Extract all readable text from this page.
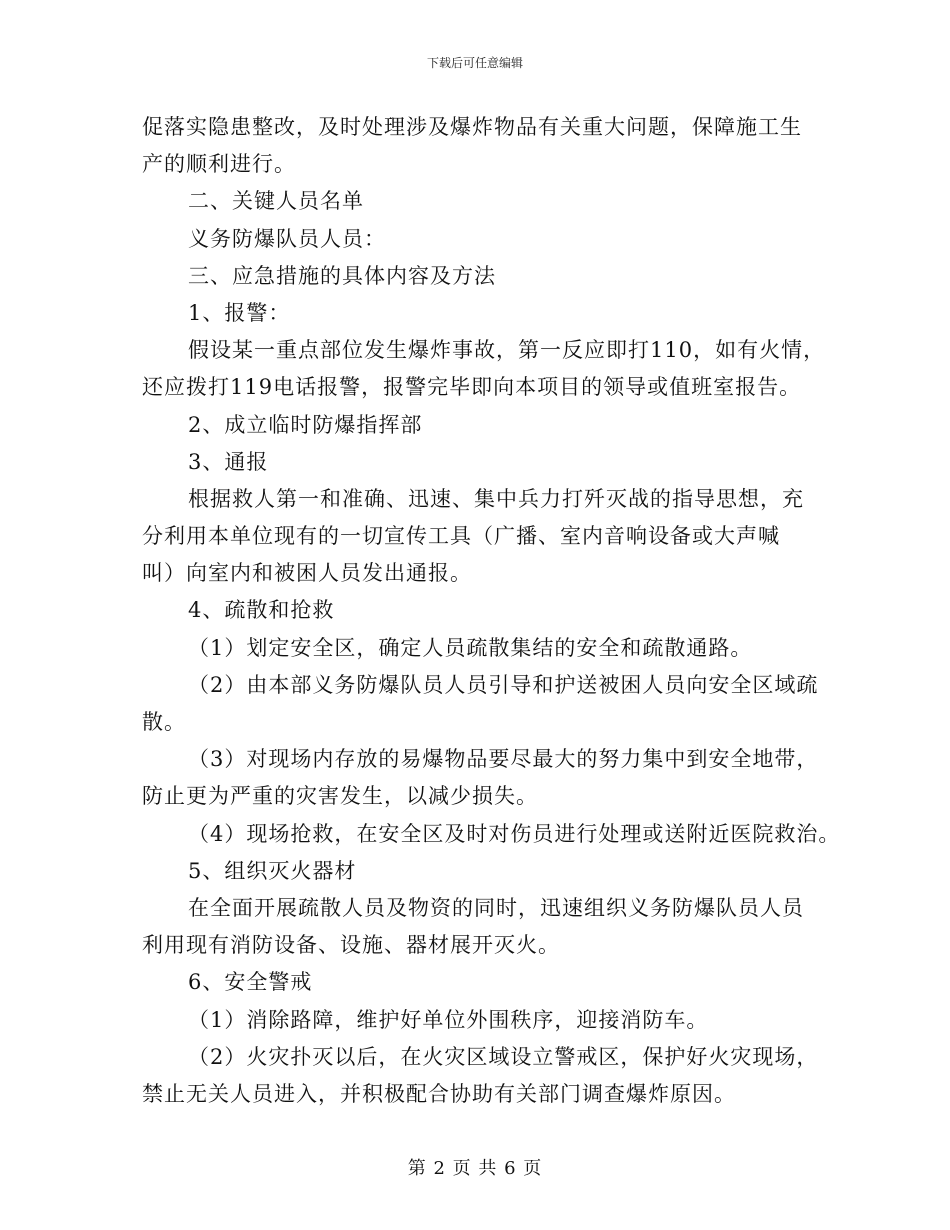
下载后可任意编辑
促落实隐患整改，及时处理涉及爆炸物品有关重大问题，保障施工生
产的顺利进行。
二、关键人员名单
义务防爆队员人员：
三、应急措施的具体内容及方法
1、报警：
假设某一重点部位发生爆炸事故，第一反应即打110，如有火情，
还应拨打119电话报警，报警完毕即向本项目的领导或值班室报告。
2、成立临时防爆指挥部
3、通报
根据救人第一和准确、迅速、集中兵力打歼灭战的指导思想，充
分利用本单位现有的一切宣传工具（广播、室内音响设备或大声喊
叫）向室内和被困人员发出通报。
4、疏散和抢救
（1）划定安全区，确定人员疏散集结的安全和疏散通路。
（2）由本部义务防爆队员人员引导和护送被困人员向安全区域疏
散。
（3）对现场内存放的易爆物品要尽最大的努力集中到安全地带，
防止更为严重的灾害发生，以减少损失。
（4）现场抢救，在安全区及时对伤员进行处理或送附近医院救治。
5、组织灭火器材
在全面开展疏散人员及物资的同时，迅速组织义务防爆队员人员
利用现有消防设备、设施、器材展开灭火。
6、安全警戒
（1）消除路障，维护好单位外围秩序，迎接消防车。
（2）火灾扑灭以后，在火灾区域设立警戒区，保护好火灾现场，
禁止无关人员进入，并积极配合协助有关部门调查爆炸原因。
第 2 页 共 6 页
